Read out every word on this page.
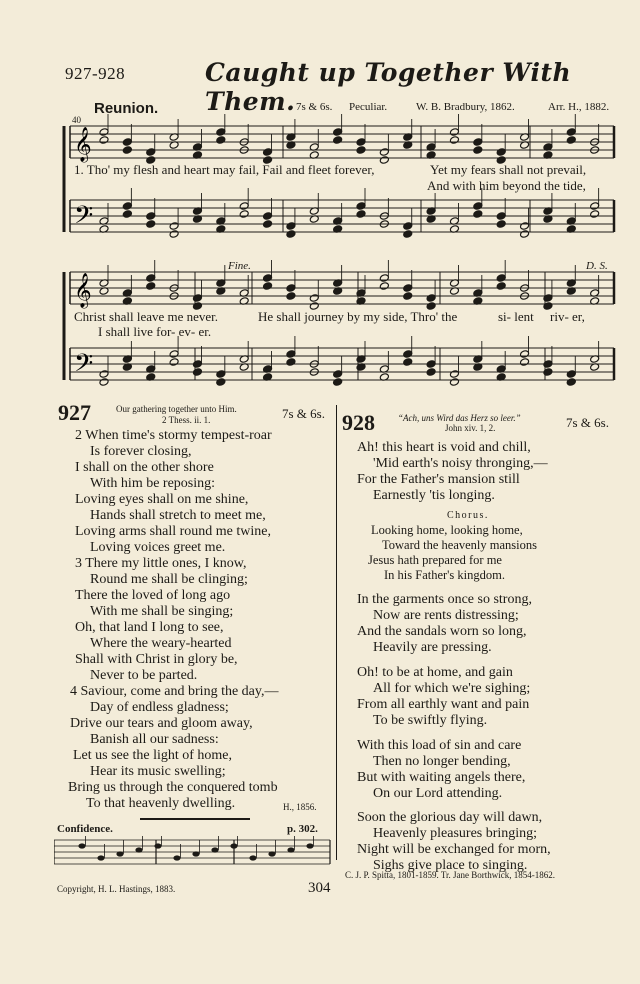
927-928	Caught up Together With Them.
Reunion.	7s & 6s. Peculiar.	W. B. Bradbury, 1862.	Arr. H., 1882.
𝄞
𝄢
𝄞
𝄢
40
1. Tho' my flesh and heart may fail, Fail and fleet forever,	Yet my fears shall not prevail,
And with him beyond the tide,
Fine.	D. S.
Christ shall leave me never.	He shall journey by my side, Thro' the	si- lent riv- er,
I shall live for- ev- er.
927	Our gathering together unto Him.
2 Thess. ii. 1.	7s & 6s.
2 When time's stormy tempest-roar
Is forever closing,
I shall on the other shore
With him be reposing:
Loving eyes shall on me shine,
Hands shall stretch to meet me,
Loving arms shall round me twine,
Loving voices greet me.
3 There my little ones, I know,
Round me shall be clinging;
There the loved of long ago
With me shall be singing;
Oh, that land I long to see,
Where the weary-hearted
Shall with Christ in glory be,
Never to be parted.
4 Saviour, come and bring the day,—
Day of endless gladness;
Drive our tears and gloom away,
Banish all our sadness:
Let us see the light of home,
Hear its music swelling;
Bring us through the conquered tomb
To that heavenly dwelling.	H., 1856.
Confidence.	p. 302.
928	“Ach, uns Wird das Herz so leer.”
John xiv. 1, 2.	7s & 6s.
Ah! this heart is void and chill,
'Mid earth's noisy thronging,—
For the Father's mansion still
Earnestly 'tis longing.
Looking home, looking home,
Toward the heavenly mansions
Jesus hath prepared for me
In his Father's kingdom.
In the garments once so strong,
Now are rents distressing;
And the sandals worn so long,
Heavily are pressing.
Oh! to be at home, and gain
All for which we're sighing;
From all earthly want and pain
To be swiftly flying.
With this load of sin and care
Then no longer bending,
But with waiting angels there,
On our Lord attending.
Soon the glorious day will dawn,
Heavenly pleasures bringing;
Night will be exchanged for morn,
Sighs give place to singing.
Chorus.
C. J. P. Spitta, 1801-1859. Tr. Jane Borthwick, 1854-1862.
Copyright, H. L. Hastings, 1883.	304
